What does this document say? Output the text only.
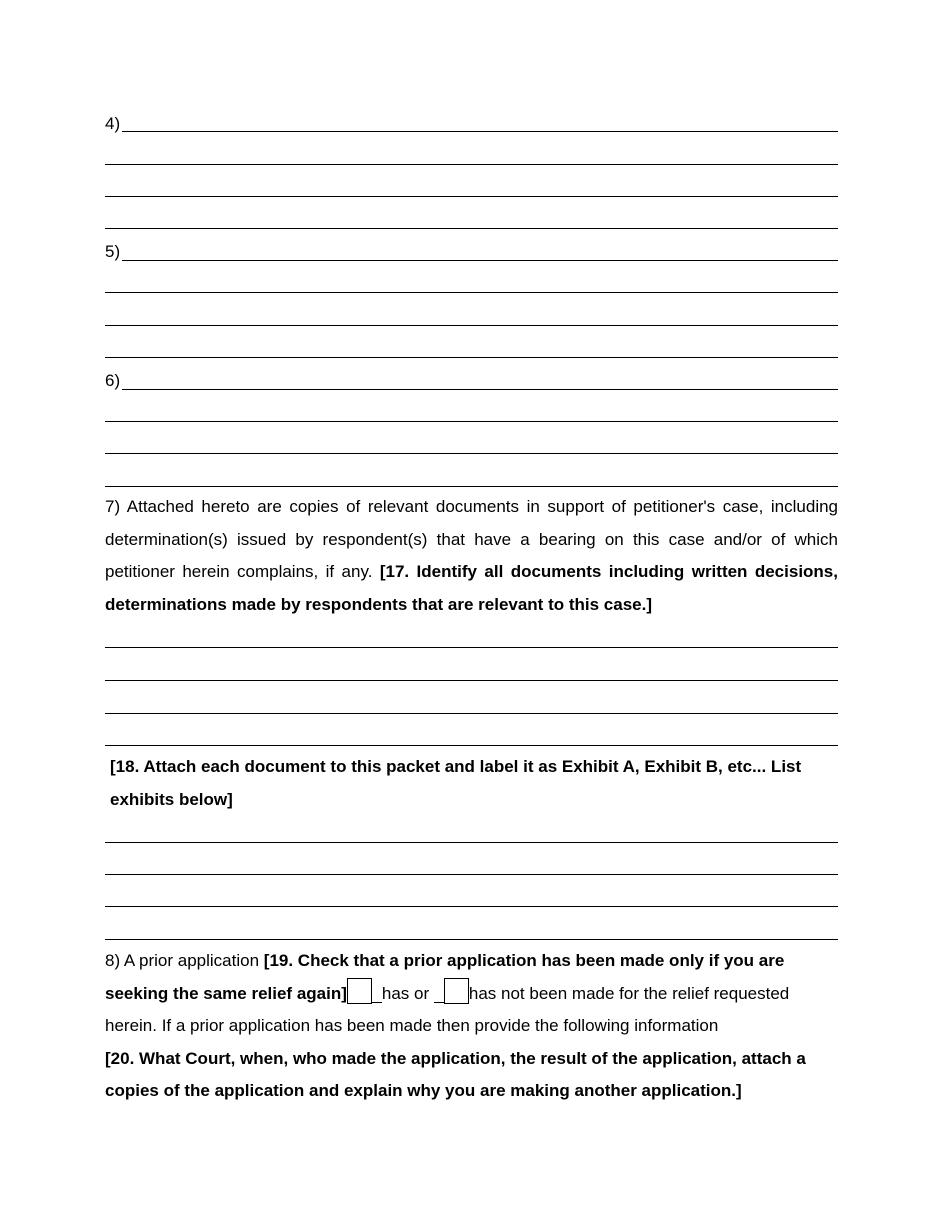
4)
5)
6)
7) Attached hereto are copies of relevant documents in support of petitioner's case, including determination(s) issued by respondent(s) that have a bearing on this case and/or of which petitioner herein complains, if any. [17. Identify all documents including written decisions, determinations made by respondents that are relevant to this case.]
[18. Attach each document to this packet and label it as Exhibit A, Exhibit B, etc... List exhibits below]
8) A prior application [19. Check that a prior application has been made only if you are seeking the same relief again] has or has not been made for the relief requested herein. If a prior application has been made then provide the following information
[20. What Court, when, who made the application, the result of the application, attach a copies of the application and explain why you are making another application.]
